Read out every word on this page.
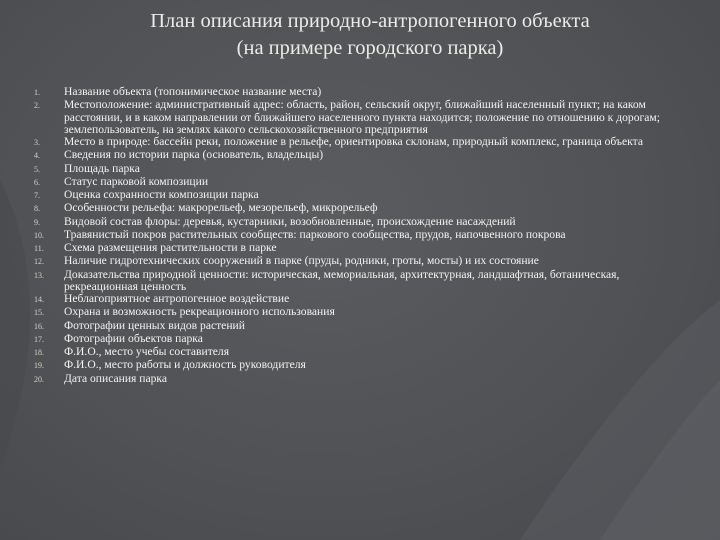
План описания природно-антропогенного объекта
(на примере городского парка)
1.	Название объекта (топонимическое название места)
2.	Местоположение: административный адрес: область, район, сельский округ, ближайший населенный пункт; на каком расстоянии, и в каком направлении от ближайшего населенного пункта находится; положение по отношению к дорогам; землепользователь, на землях какого сельскохозяйственного предприятия
3.	Место в природе: бассейн реки, положение в рельефе, ориентировка склонам, природный комплекс, граница объекта
4.	Сведения по истории парка (основатель, владельцы)
5.	Площадь парка
6.	Статус парковой композиции
7.	Оценка сохранности композиции парка
8.	Особенности рельефа: макрорельеф, мезорельеф, микрорельеф
9.	Видовой состав флоры: деревья, кустарники, возобновленные, происхождение насаждений
10.	Травянистый покров растительных сообществ: паркового сообщества, прудов, напочвенного покрова
11.	Схема размещения растительности в парке
12.	Наличие гидротехнических сооружений в парке (пруды, родники, гроты, мосты) и их состояние
13.	Доказательства природной ценности: историческая, мемориальная, архитектурная, ландшафтная, ботаническая, рекреационная ценность
14.	Неблагоприятное антропогенное воздействие
15.	Охрана и возможность рекреационного использования
16.	Фотографии ценных видов растений
17.	Фотографии объектов парка
18.	Ф.И.О., место учебы составителя
19.	Ф.И.О., место работы и должность руководителя
20.	Дата описания парка
